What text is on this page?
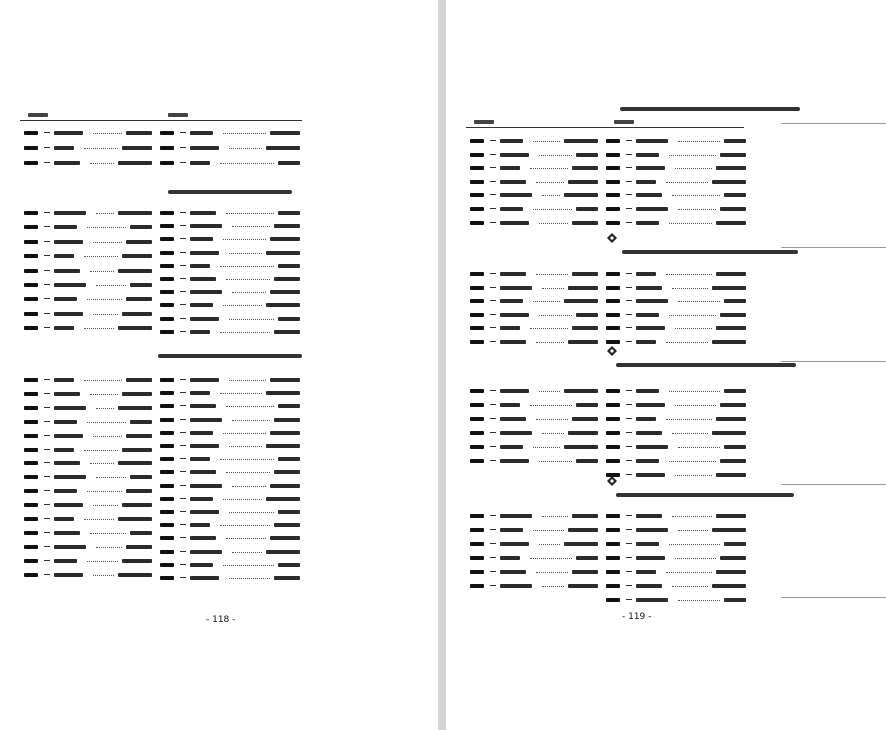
- 118 -	- 119 -
